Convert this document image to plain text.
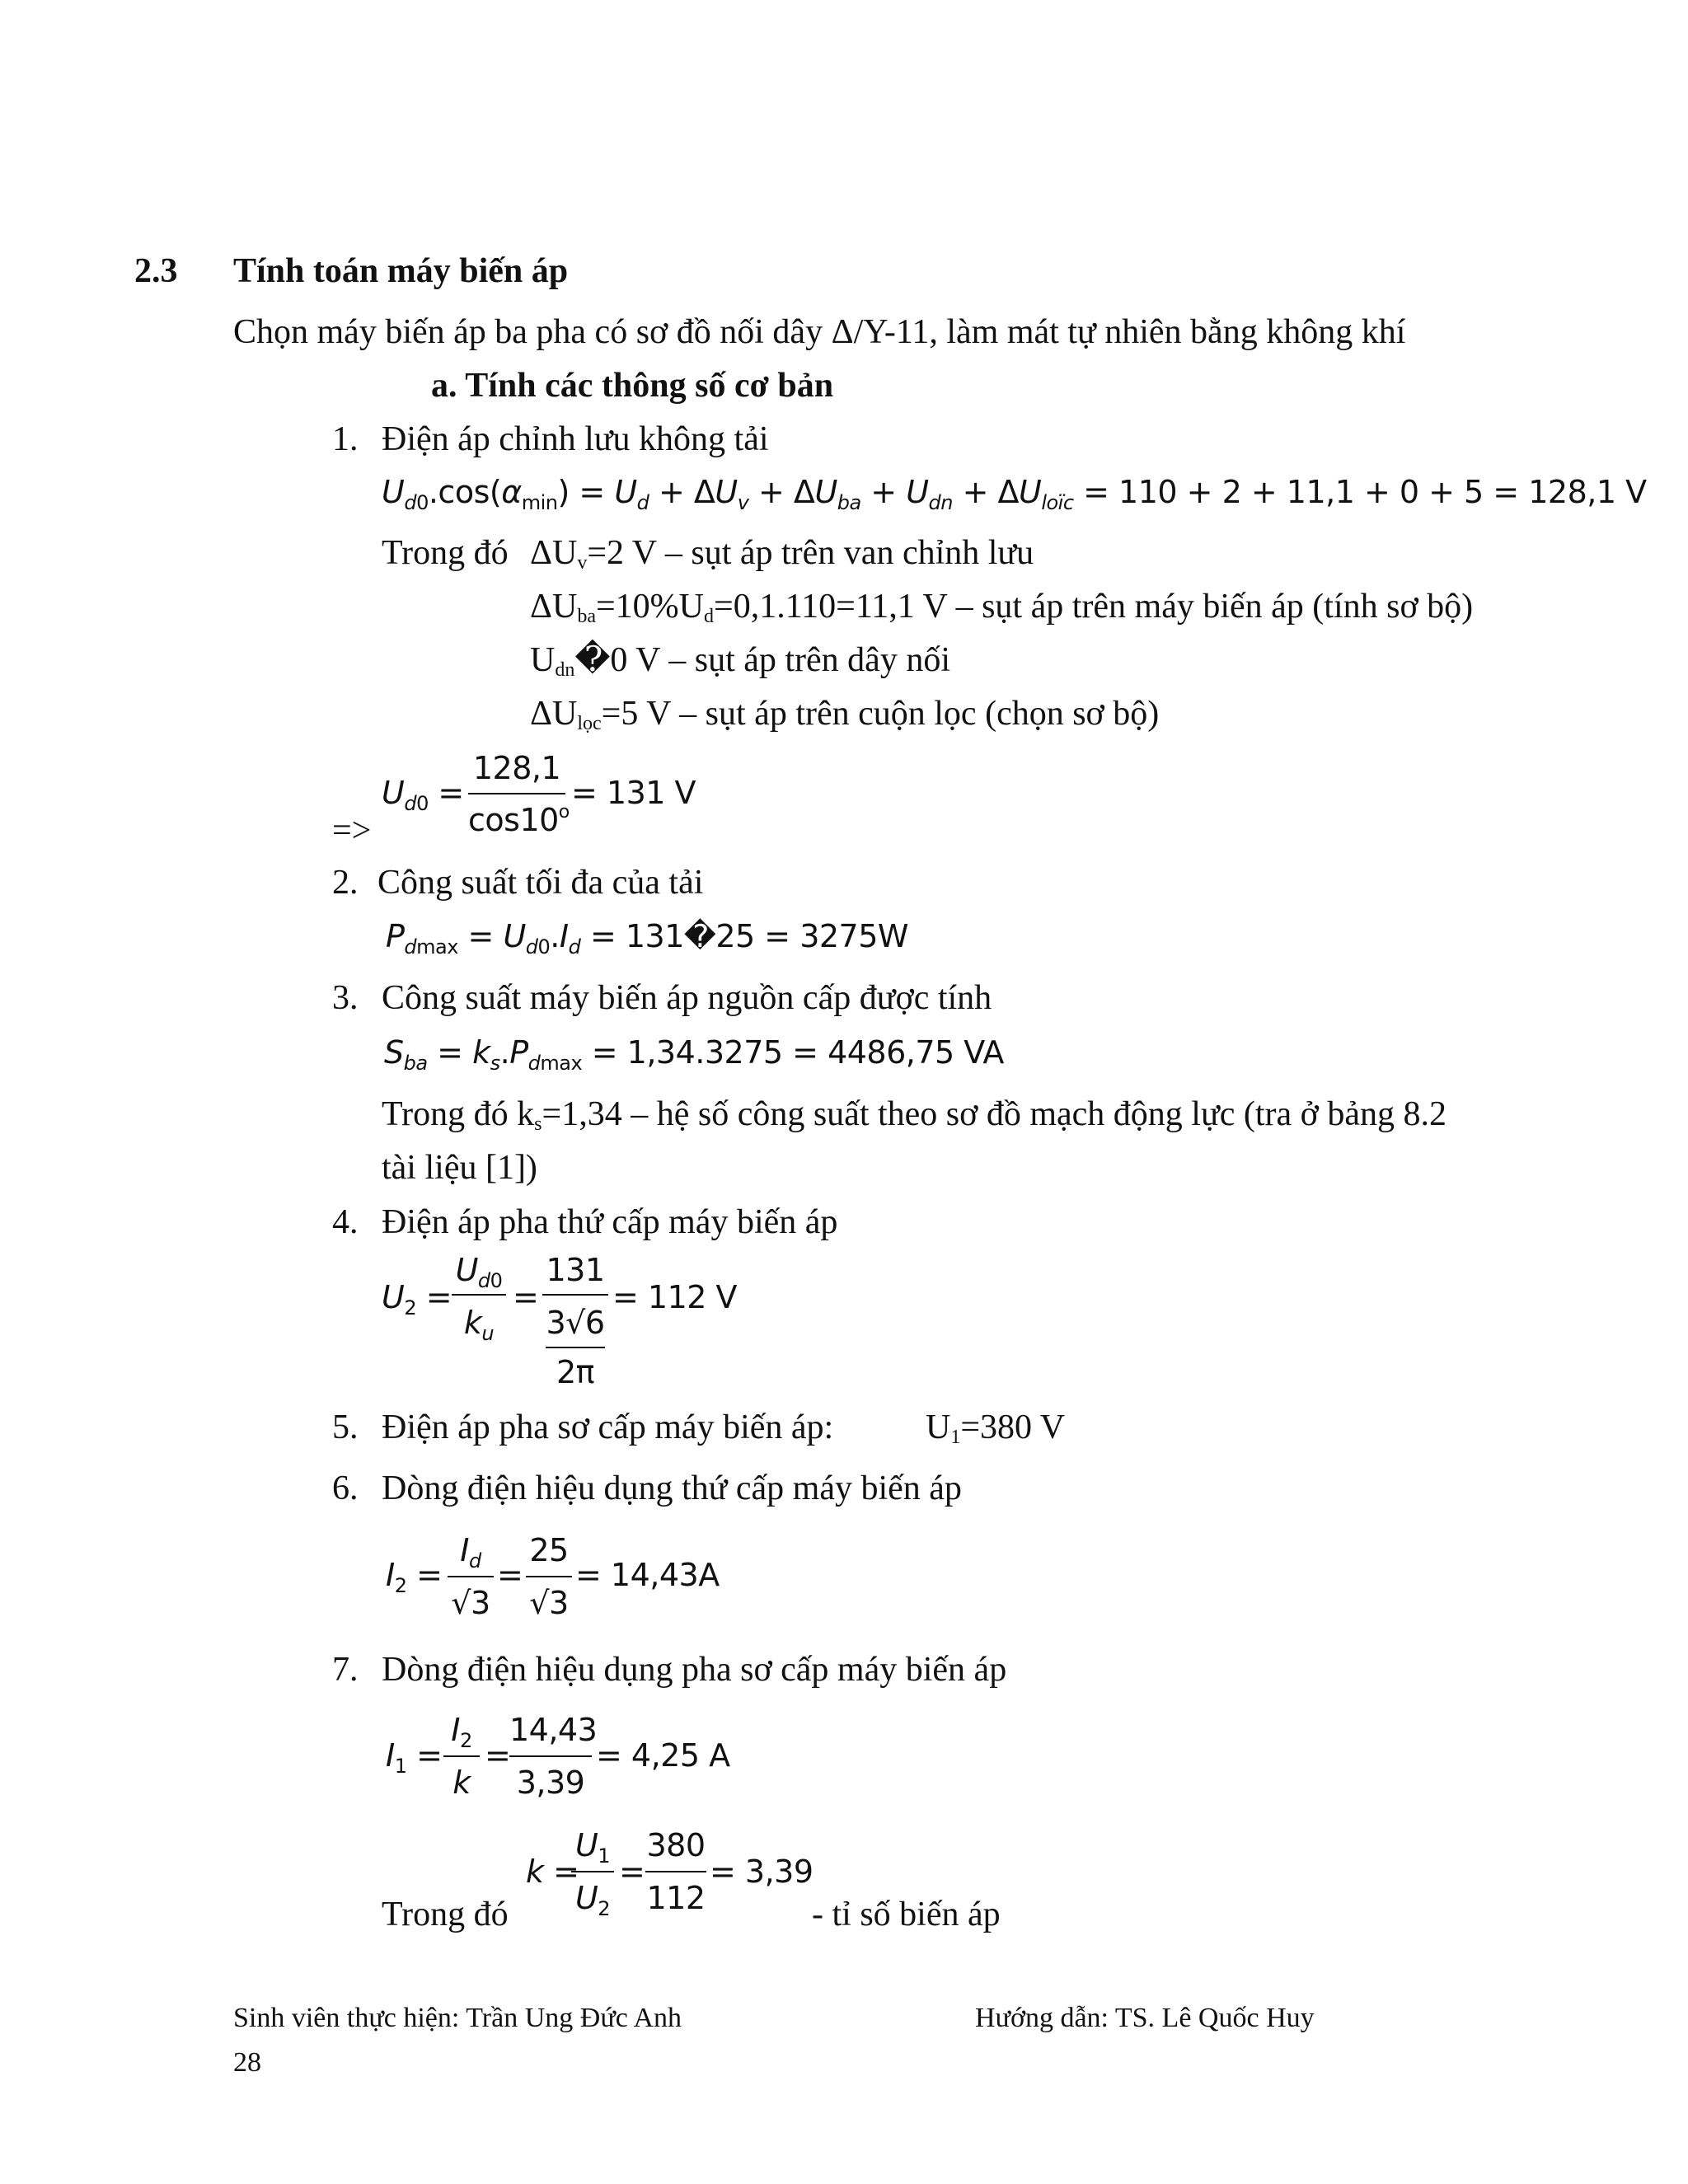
2.3 Tính toán máy biến áp
Chọn máy biến áp ba pha có sơ đồ nối dây Δ/Y-11, làm mát tự nhiên bằng không khí
a. Tính các thông số cơ bản
1. Điện áp chỉnh lưu không tải
$U_{d0}.\cos(\alpha_{min}) = U_d + \Delta U_v + \Delta U_{ba} + U_{dn} + \Delta U_{loïc} = 110 + 2 + 11,1 + 0 + 5 = 128,1$ V
Trong đó ΔUv=2 V – sụt áp trên van chỉnh lưu
ΔUba=10%Ud=0,1.110=11,1 V – sụt áp trên máy biến áp (tính sơ bộ)
Udn�0 V – sụt áp trên dây nối
ΔUlọc=5 V – sụt áp trên cuộn lọc (chọn sơ bộ)
=>
$U_{d0}$ =
128,1
$\cos 10^o$
= 131 V
2. Công suất tối đa của tải
$P_{dmax} = U_{d0}.I_d$ = 131�25 = 3275W
3. Công suất máy biến áp nguồn cấp được tính
$S_{ba} = k_s.P_{dmax} = 1,34.3275 = 4486,75$ VA
Trong đó ks=1,34 – hệ số công suất theo sơ đồ mạch động lực (tra ở bảng 8.2
tài liệu [1])
4. Điện áp pha thứ cấp máy biến áp
$U_2$ =
$U_{d0}$
$k_u$
=
131
3√6
2π
= 112 V
5. Điện áp pha sơ cấp máy biến áp:	U1=380 V
6. Dòng điện hiệu dụng thứ cấp máy biến áp
$I_2$ =
$I_d$
√3
=
25
√3
= 14,43A
7. Dòng điện hiệu dụng pha sơ cấp máy biến áp
$I_1$ =
$I_2$
k
=
14,43
3,39
= 4,25 A
Trong đó
k =
$U_1$
$U_2$
=
380
112
= 3,39
- tỉ số biến áp
Sinh viên thực hiện: Trần Ung Đức Anh	Hướng dẫn: TS. Lê Quốc Huy
28
